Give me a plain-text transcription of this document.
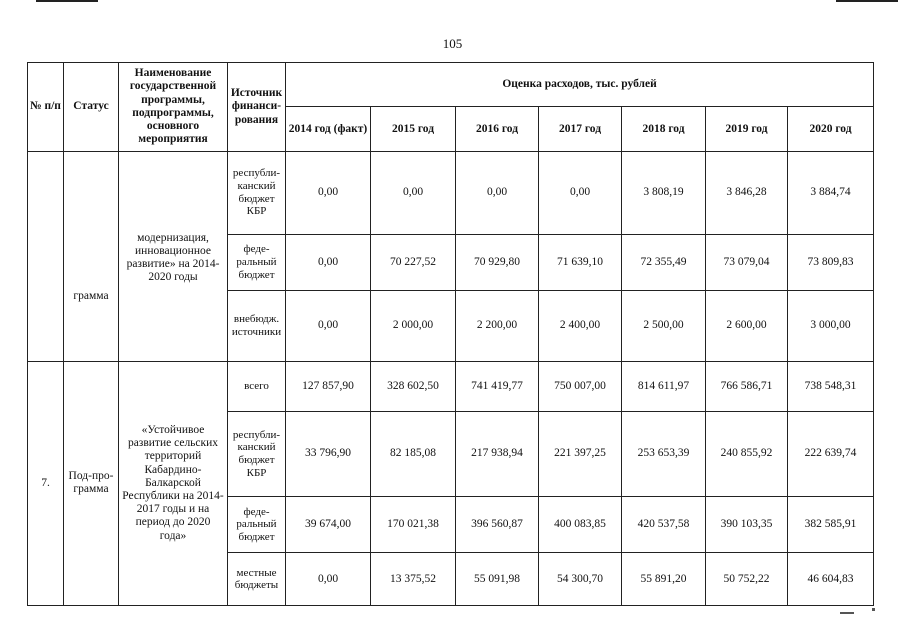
105
№ п/п	Статус	Наименование государственной программы, подпрограммы, основного мероприятия	Источник финанси-рования	Оценка расходов, тыс. рублей						
				2014 год (факт)	2015 год	2016 год	2017 год	2018 год	2019 год	2020 год

	грамма	модернизация, инновационное развитие» на 2014-2020 годы	республи-канский бюджет КБР	0,00	0,00	0,00	0,00	3 808,19	3 846,28	3 884,74
			феде-ральный бюджет	0,00	70 227,52	70 929,80	71 639,10	72 355,49	73 079,04	73 809,83
			внебюдж. источники	0,00	2 000,00	2 200,00	2 400,00	2 500,00	2 600,00	3 000,00
7.	Под-про-грамма	«Устойчивое развитие сельских территорий Кабардино-Балкарской Республики на 2014-2017 годы и на период до 2020 года»	всего	127 857,90	328 602,50	741 419,77	750 007,00	814 611,97	766 586,71	738 548,31
			республи-канский бюджет КБР	33 796,90	82 185,08	217 938,94	221 397,25	253 653,39	240 855,92	222 639,74
			феде-ральный бюджет	39 674,00	170 021,38	396 560,87	400 083,85	420 537,58	390 103,35	382 585,91
			местные бюджеты	0,00	13 375,52	55 091,98	54 300,70	55 891,20	50 752,22	46 604,83
